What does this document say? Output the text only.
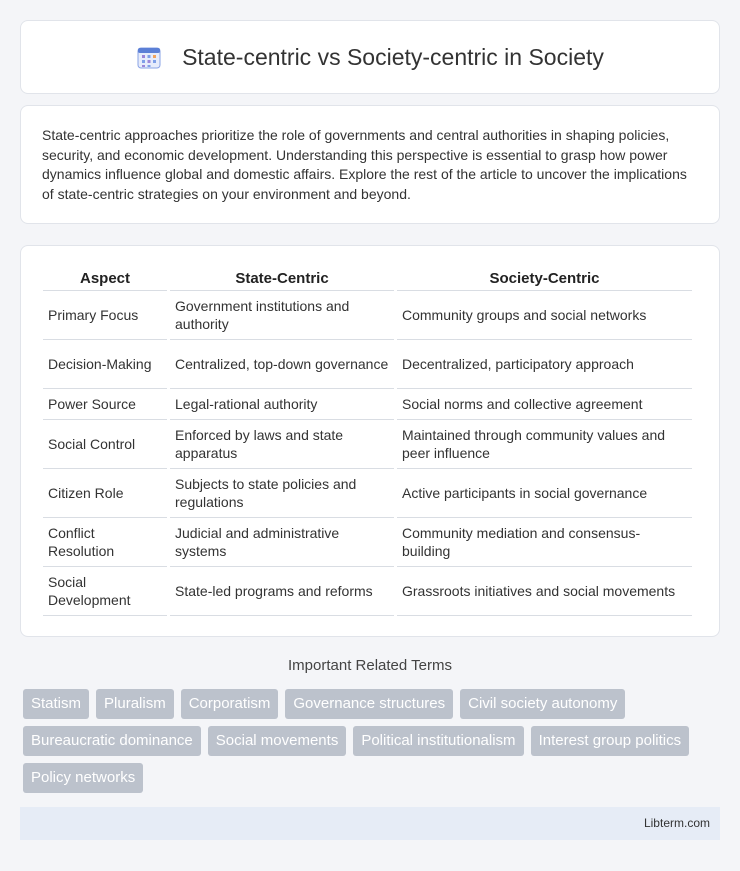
State-centric vs Society-centric in Society

State-centric approaches prioritize the role of governments and central authorities in shaping policies, security, and economic development. Understanding this perspective is essential to grasp how power dynamics influence global and domestic affairs. Explore the rest of the article to uncover the implications of state-centric strategies on your environment and beyond.

Aspect	State-Centric	Society-Centric
Primary Focus	Government institutions and authority	Community groups and social networks
Decision-Making	Centralized, top-down governance	Decentralized, participatory approach
Power Source	Legal-rational authority	Social norms and collective agreement
Social Control	Enforced by laws and state apparatus	Maintained through community values and peer influence
Citizen Role	Subjects to state policies and regulations	Active participants in social governance
Conflict Resolution	Judicial and administrative systems	Community mediation and consensus-building
Social Development	State-led programs and reforms	Grassroots initiatives and social movements
Important Related Terms
Statism	Pluralism	Corporatism	Governance structures	Civil society autonomy
Bureaucratic dominance	Social movements	Political institutionalism	Interest group politics
Policy networks
Libterm.com
